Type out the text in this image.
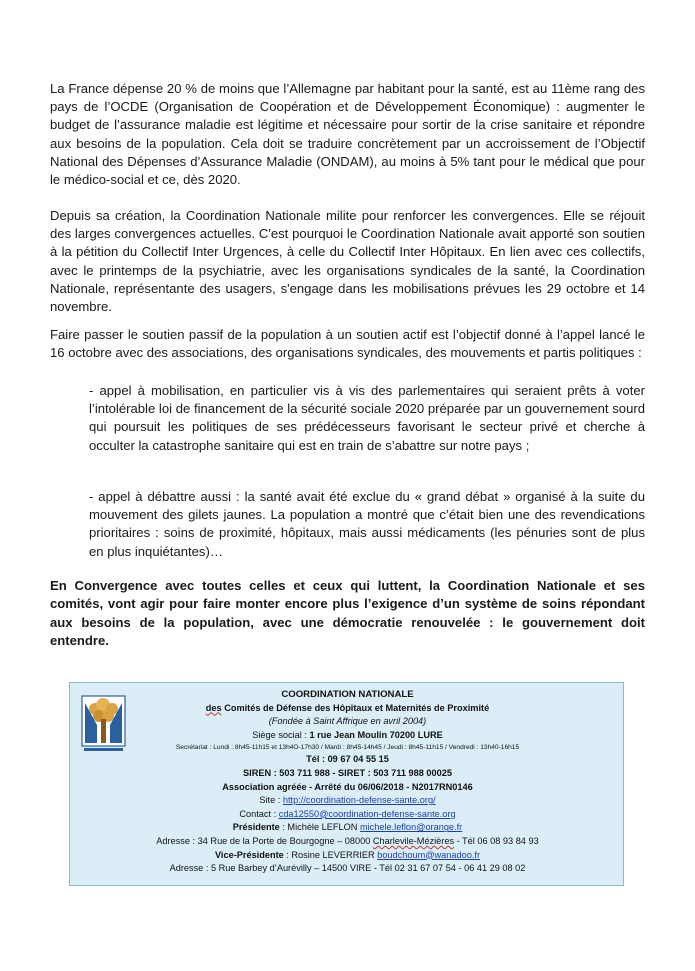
La France dépense 20 % de moins que l’Allemagne par habitant pour la santé, est au 11ème rang des pays de l’OCDE (Organisation de Coopération et de Développement Économique) : augmenter le budget de l’assurance maladie est légitime et nécessaire pour sortir de la crise sanitaire et répondre aux besoins de la population. Cela doit se traduire concrètement par un accroissement de l’Objectif National des Dépenses d’Assurance Maladie (ONDAM), au moins à 5% tant pour le médical que pour le médico-social et ce, dès 2020.

Depuis sa création, la Coordination Nationale milite pour renforcer les convergences. Elle se réjouit des larges convergences actuelles. C'est pourquoi le Coordination Nationale avait apporté son soutien à la pétition du Collectif Inter Urgences, à celle du Collectif Inter Hôpitaux. En lien avec ces collectifs, avec le printemps de la psychiatrie, avec les organisations syndicales de la santé, la Coordination Nationale, représentante des usagers, s'engage dans les mobilisations prévues les 29 octobre et 14 novembre.

Faire passer le soutien passif de la population à un soutien actif est l’objectif donné à l’appel lancé le 16 octobre avec des associations, des organisations syndicales, des mouvements et partis politiques :

- appel à mobilisation, en particulier vis à vis des parlementaires qui seraient prêts à voter l’intolérable loi de financement de la sécurité sociale 2020 préparée par un gouvernement sourd qui poursuit les politiques de ses prédécesseurs favorisant le secteur privé et cherche à occulter la catastrophe sanitaire qui est en train de s’abattre sur notre pays ;

- appel à débattre aussi : la santé avait été exclue du « grand débat » organisé à la suite du mouvement des gilets jaunes. La population a montré que c’était bien une des revendications prioritaires : soins de proximité, hôpitaux, mais aussi médicaments (les pénuries sont de plus en plus inquiétantes)…

En Convergence avec toutes celles et ceux qui luttent, la Coordination Nationale et ses comités, vont agir pour faire monter encore plus l’exigence d’un système de soins répondant aux besoins de la population, avec une démocratie renouvelée : le gouvernement doit entendre.

COORDINATION NATIONALE
des Comités de Défense des Hôpitaux et Maternités de Proximité
(Fondée à Saint Affrique en avril 2004)
Siège social : 1 rue Jean Moulin 70200 LURE
Secrétariat : Lundi : 8h45-11h15 et 13h4O-17h30 / Mardi : 8h45-14h45 / Jeudi : 8h45-11h15 / Vendredi : 13h40-16h15
Tél : 09 67 04 55 15
SIREN : 503 711 988 - SIRET : 503 711 988 00025
Association agréée - Arrêté du 06/06/2018 - N2017RN0146
Site : http://coordination-defense-sante.org/
Contact : cda12550@coordination-defense-sante.org
Présidente : Michèle LEFLON michele.leflon@orange.fr
Adresse : 34 Rue de la Porte de Bourgogne – 08000 Charlevile-Mézières - Tél 06 08 93 84 93
Vice-Présidente : Rosine LEVERRIER boudchoum@wanadoo.fr
Adresse : 5 Rue Barbey d’Aurévilly – 14500 VIRE - Tél 02 31 67 07 54 - 06 41 29 08 02
